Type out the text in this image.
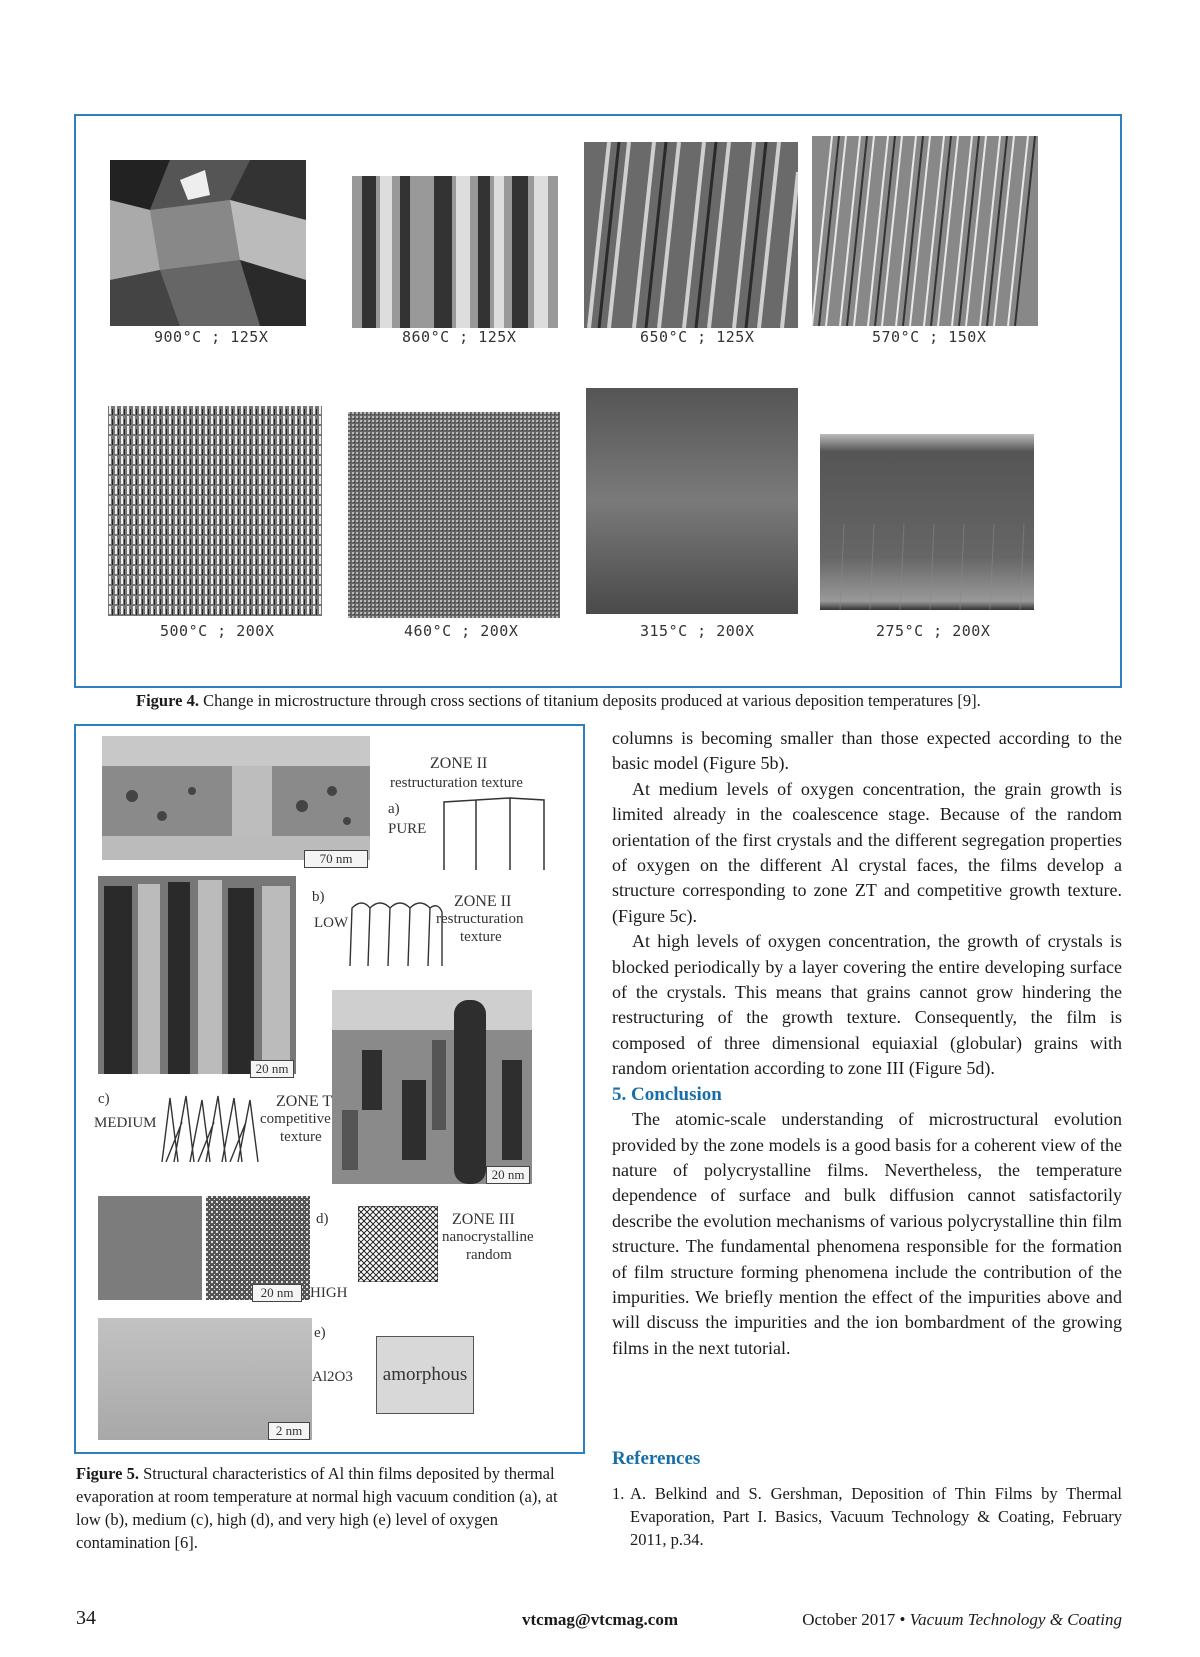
900°C ; 125X	860°C ; 125X	650°C ; 125X	570°C ; 150X
500°C ; 200X	460°C ; 200X	315°C ; 200X	275°C ; 200X
Figure 4. Change in microstructure through cross sections of titanium deposits produced at various deposition temperatures [9].
70 nm
ZONE II
restructuration texture
a)
PURE
20 nm
b)
LOW
ZONE II
restructuration
texture
20 nm
c)
MEDIUM
ZONE T
competitive
texture
20 nm
d)
HIGH
ZONE III
nanocrystalline
random
2 nm
e)
Al2O3	amorphous
Figure 5. Structural characteristics of Al thin films deposited by thermal evaporation at room temperature at normal high vacuum condition (a), at low (b), medium (c), high (d), and very high (e) level of oxygen contamination [6].

columns is becoming smaller than those expected according to the basic model (Figure 5b).

At medium levels of oxygen concentration, the grain growth is limited already in the coalescence stage. Because of the random orientation of the first crystals and the different segregation properties of oxygen on the different Al crystal faces, the films develop a structure corresponding to zone ZT and competitive growth texture.(Figure 5c).

At high levels of oxygen concentration, the growth of crystals is blocked periodically by a layer covering the entire developing surface of the crystals. This means that grains cannot grow hindering the restructuring of the growth texture. Consequently, the film is composed of three dimensional equiaxial (globular) grains with random orientation according to zone III (Figure 5d).

5. Conclusion

The atomic-scale understanding of microstructural evolution provided by the zone models is a good basis for a coherent view of the nature of polycrystalline films. Nevertheless, the temperature dependence of surface and bulk diffusion cannot satisfactorily describe the evolution mechanisms of various polycrystalline thin film structure. The fundamental phenomena responsible for the formation of film structure forming phenomena include the contribution of the impurities. We briefly mention the effect of the impurities above and will discuss the impurities and the ion bombardment of the growing films in the next tutorial.

References
1. A. Belkind and S. Gershman, Deposition of Thin Films by Thermal Evaporation, Part I. Basics, Vacuum Technology & Coating, February 2011, p.34.
34	vtcmag@vtcmag.com	October 2017 • Vacuum Technology & Coating
